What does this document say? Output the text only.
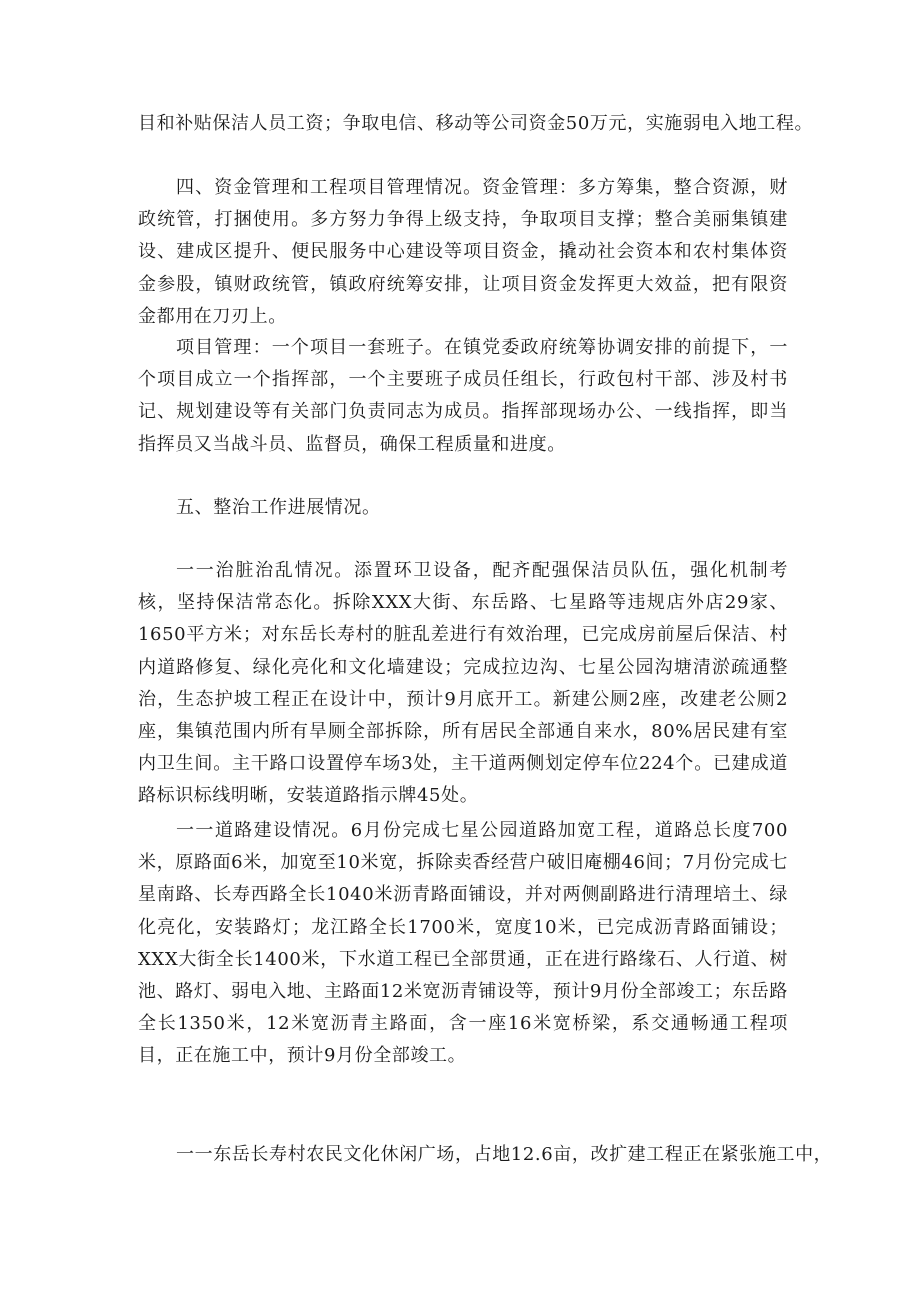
目和补贴保洁人员工资；争取电信、移动等公司资金50万元，实施弱电入地工程。

四、资金管理和工程项目管理情况。资金管理：多方筹集，整合资源，财政统管，打捆使用。多方努力争得上级支持，争取项目支撑；整合美丽集镇建设、建成区提升、便民服务中心建设等项目资金，撬动社会资本和农村集体资金参股，镇财政统管，镇政府统筹安排，让项目资金发挥更大效益，把有限资金都用在刀刃上。

项目管理：一个项目一套班子。在镇党委政府统筹协调安排的前提下，一个项目成立一个指挥部，一个主要班子成员任组长，行政包村干部、涉及村书记、规划建设等有关部门负责同志为成员。指挥部现场办公、一线指挥，即当指挥员又当战斗员、监督员，确保工程质量和进度。

五、整治工作进展情况。

一一治脏治乱情况。添置环卫设备，配齐配强保洁员队伍，强化机制考核，坚持保洁常态化。拆除XXX大街、东岳路、七星路等违规店外店29家、1650平方米；对东岳长寿村的脏乱差进行有效治理，已完成房前屋后保洁、村内道路修复、绿化亮化和文化墙建设；完成拉边沟、七星公园沟塘清淤疏通整治，生态护坡工程正在设计中，预计9月底开工。新建公厕2座，改建老公厕2座，集镇范围内所有旱厕全部拆除，所有居民全部通自来水，80%居民建有室内卫生间。主干路口设置停车场3处，主干道两侧划定停车位224个。已建成道路标识标线明晰，安装道路指示牌45处。

一一道路建设情况。6月份完成七星公园道路加宽工程，道路总长度700米，原路面6米，加宽至10米宽，拆除卖香经营户破旧庵棚46间；7月份完成七星南路、长寿西路全长1040米沥青路面铺设，并对两侧副路进行清理培土、绿化亮化，安装路灯；龙江路全长1700米，宽度10米，已完成沥青路面铺设；XXX大街全长1400米，下水道工程已全部贯通，正在进行路缘石、人行道、树池、路灯、弱电入地、主路面12米宽沥青铺设等，预计9月份全部竣工；东岳路全长1350米，12米宽沥青主路面，含一座16米宽桥梁，系交通畅通工程项目，正在施工中，预计9月份全部竣工。

一一东岳长寿村农民文化休闲广场，占地12.6亩，改扩建工程正在紧张施工中，
